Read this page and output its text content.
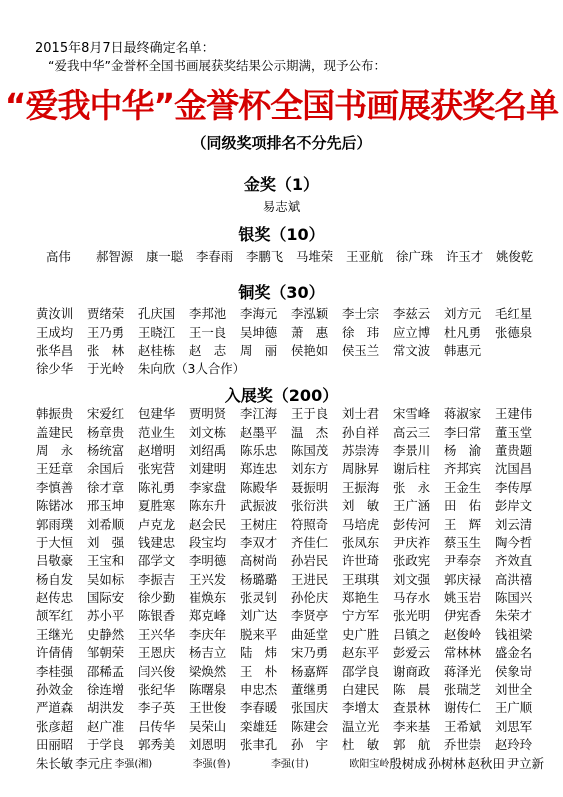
2015年8月7日最终确定名单：
“爱我中华”金誉杯全国书画展获奖结果公示期满，现予公布：
“爱我中华”金誉杯全国书画展获奖名单
（同级奖项排名不分先后）
金奖（1）
易志斌
银奖（10）
高伟	郝智源	康一聪	李春雨	李鹏飞	马堆荣	王亚航	徐广珠	许玉才	姚俊乾
铜奖（30）
黄汝训	贾绪荣	孔庆国	李邦池	李海元	李泓颖	李士宗	李兹云	刘方元	毛红星
王成均	王乃勇	王晓江	王一良	吴坤德	萧　惠	徐　玮	应立博	杜凡勇	张德泉
张华昌	张　林	赵桂栋	赵　志	周　丽	侯艳如	侯玉兰	常文波	韩惠元
徐少华	于光岭	朱向欣（3人合作）
入展奖（200）
韩振贵	宋爱红	包建华	贾明贤	李江海	王于良	刘士君	宋雪峰	蒋淑家	王建伟
盖建民	杨章贵	范业生	刘文栋	赵墨平	温　杰	孙自祥	高云三	李曰常	董玉堂
周　永	杨统富	赵增明	刘绍禹	陈乐忠	陈国茂	苏崇涛	李景川	杨　渝	董贵题
王廷章	余国后	张宪营	刘建明	郑连忠	刘东方	周脉昇	谢后柱	齐邦宾	沈国昌
李慎善	徐才章	陈礼勇	李家盘	陈殿华	聂振明	王振海	张　永	王金生	李传厚
陈锘冰	邢玉坤	夏胜寒	陈东升	武振波	张衍洪	刘　敏	王广涵	田　佑	彭岸文
郭雨璞	刘希顺	卢克龙	赵会民	王树庄	符照奇	马培虎	彭传河	王　辉	刘云清
于大恒	刘　强	钱建忠	段宝均	李双才	齐佳仁	张凤东	尹庆祚	蔡玉生	陶今哲
吕敬豪	王宝和	邵学文	李明德	高树尚	孙岩民	许世琦	张政宪	尹奉奈	齐效直
杨自发	吴如标	李振吉	王兴发	杨璐璐	王进民	王琪琪	刘文强	郭庆禄	高洪禧
赵传忠	国际安	徐少勤	崔焕东	张灵钊	孙伦庆	郑艳生	马存水	姚玉岩	陈国兴
颉军红	苏小平	陈银香	郑克峰	刘广达	李贤亭	宁方军	张光明	伊宪香	朱荣才
王继光	史静然	王兴华	李庆年	脱来平	曲延堂	史广胜	吕镇之	赵俊岭	钱祖梁
许倩倩	邹朝荣	王恩庆	杨吉立	陆　炜	宋乃勇	赵东平	彭爱云	常林林	盛金名
李桂强	邵稀孟	闫兴俊	梁焕然	王　朴	杨嘉辉	邵学良	谢商政	蒋泽光	侯象岢
孙效金	徐连增	张纪华	陈曙泉	申忠杰	董继勇	白建民	陈　晨	张瑞芝	刘世全
严道森	胡洪发	李子英	王世俊	李春暖	张国庆	李增太	查景林	谢传仁	王广顺
张彦超	赵广准	吕传华	吴荣山	栾雄廷	陈建会	温立光	李来基	王希斌	刘思军
田丽昭	于学良	郭秀美	刘恩明	张聿孔	孙　宇	杜　敏	郭　航	乔世崇	赵玲玲
朱长敏 李元庄 李强(湘)	李强(鲁)	李强(甘)	欧阳宝岭 殷树成 孙树林 赵秋田 尹立新
